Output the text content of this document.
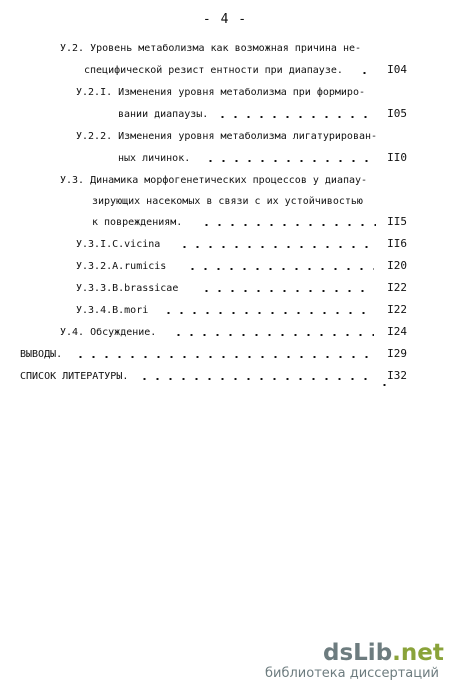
- 4 -
У.2. Уровень метаболизма как возможная причина не-
специфической резист ентности при диапаузе.	I04
У.2.I. Изменения уровня метаболизма при формиро-
вании диапаузы.	I05
У.2.2. Изменения уровня метаболизма лигатурирован-
ных личинок.	II0
У.3. Динамика морфогенетических процессов у диапау-
зирующих насекомых в связи с их устойчивостью
к повреждениям.	II5
У.3.I.C.vicina	II6
У.3.2.A.rumicis	I20
У.3.3.B.brassicae	I22
У.3.4.B.mori	I22
У.4. Обсуждение.	I24
ВЫВОДЫ.	I29
СПИСОК ЛИТЕРАТУРЫ.	I32
dsLib.net
библиотека диссертаций
